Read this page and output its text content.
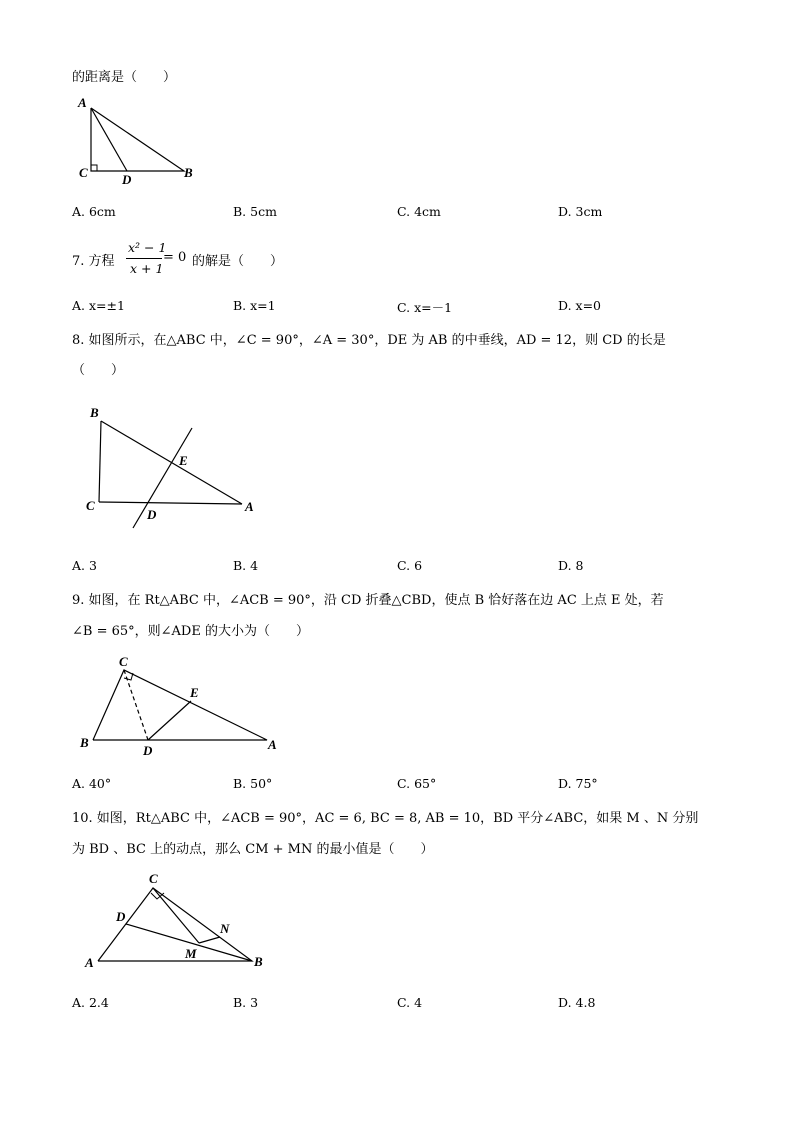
的距离是（　　）
A
C	D	B
A. 6cm	B. 5cm	C. 4cm	D. 3cm
7. 方程
x² − 1
x + 1
= 0 的解是（　　）
A. x=±1	B. x=1	C. x=－1	D. x=0
8. 如图所示，在△ABC 中，∠C = 90°，∠A = 30°，DE 为 AB 的中垂线，AD = 12，则 CD 的长是
（　　）
B
E
C
D
A
A. 3	B. 4	C. 6	D. 8
9. 如图，在 Rt△ABC 中，∠ACB = 90°，沿 CD 折叠△CBD，使点 B 恰好落在边 AC 上点 E 处，若
∠B = 65°，则∠ADE 的大小为（　　）
C
E
B
D	A
A. 40°	B. 50°	C. 65°	D. 75°
10. 如图，Rt△ABC 中，∠ACB = 90°，AC = 6, BC = 8, AB = 10，BD 平分∠ABC，如果 M 、N 分别
为 BD 、BC 上的动点，那么 CM + MN 的最小值是（　　）
C
D
N
M
A	B
A. 2.4	B. 3	C. 4	D. 4.8
